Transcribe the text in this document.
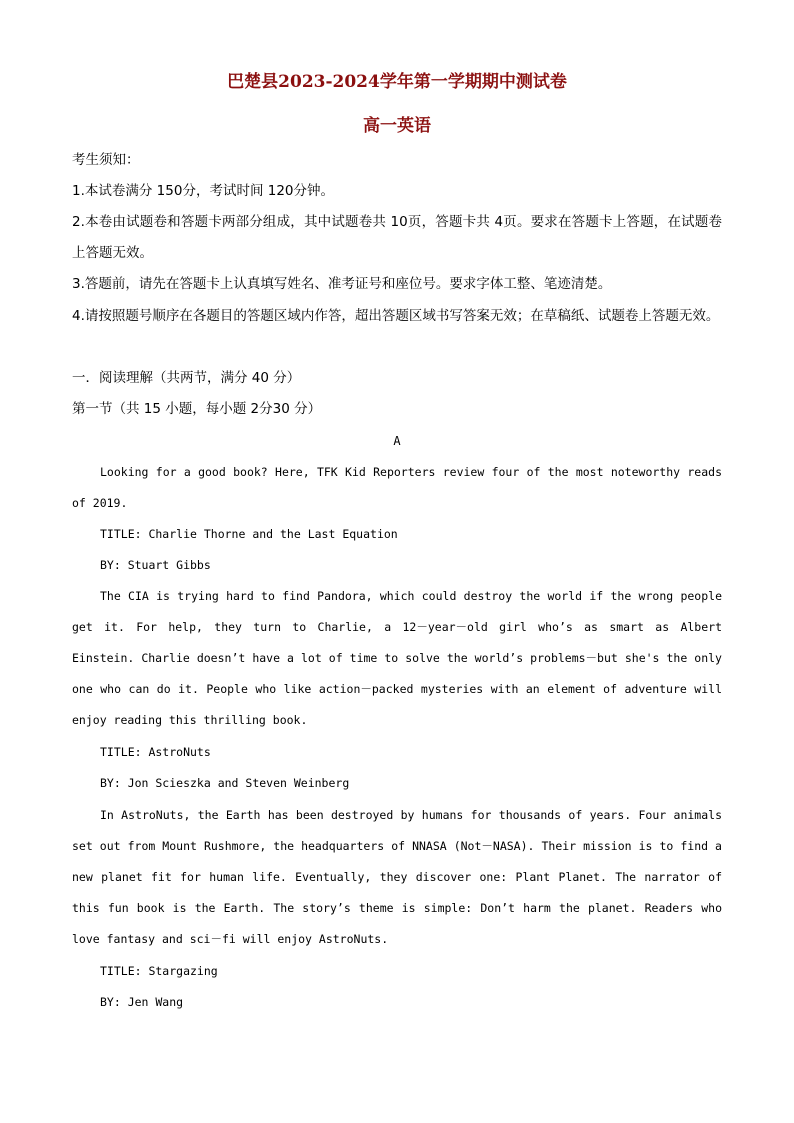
巴楚县2023-2024学年第一学期期中测试卷
高一英语
考生须知：
1.本试卷满分 150分，考试时间 120分钟。
2.本卷由试题卷和答题卡两部分组成，其中试题卷共 10页，答题卡共 4页。要求在答题卡上答题，在试题卷上答题无效。
3.答题前，请先在答题卡上认真填写姓名、准考证号和座位号。要求字体工整、笔迹清楚。
4.请按照题号顺序在各题目的答题区域内作答，超出答题区域书写答案无效；在草稿纸、试题卷上答题无效。
一．阅读理解（共两节，满分 40 分）
第一节（共 15 小题，每小题 2分30 分）
A
Looking for a good book? Here, TFK Kid Reporters review four of the most noteworthy reads of 2019.
TITLE: Charlie Thorne and the Last Equation
BY: Stuart Gibbs
The CIA is trying hard to find Pandora, which could destroy the world if the wrong people get it. For help, they turn to Charlie, a 12－year－old girl who’s as smart as Albert Einstein. Charlie doesn’t have a lot of time to solve the world’s problems－but she's the only one who can do it. People who like action－packed mysteries with an element of adventure will enjoy reading this thrilling book.
TITLE: AstroNuts
BY: Jon Scieszka and Steven Weinberg
In AstroNuts, the Earth has been destroyed by humans for thousands of years. Four animals set out from Mount Rushmore, the headquarters of NNASA (Not－NASA). Their mission is to find a new planet fit for human life. Eventually, they discover one: Plant Planet. The narrator of this fun book is the Earth. The story’s theme is simple: Don’t harm the planet. Readers who love fantasy and sci－fi will enjoy AstroNuts.
TITLE: Stargazing
BY: Jen Wang
